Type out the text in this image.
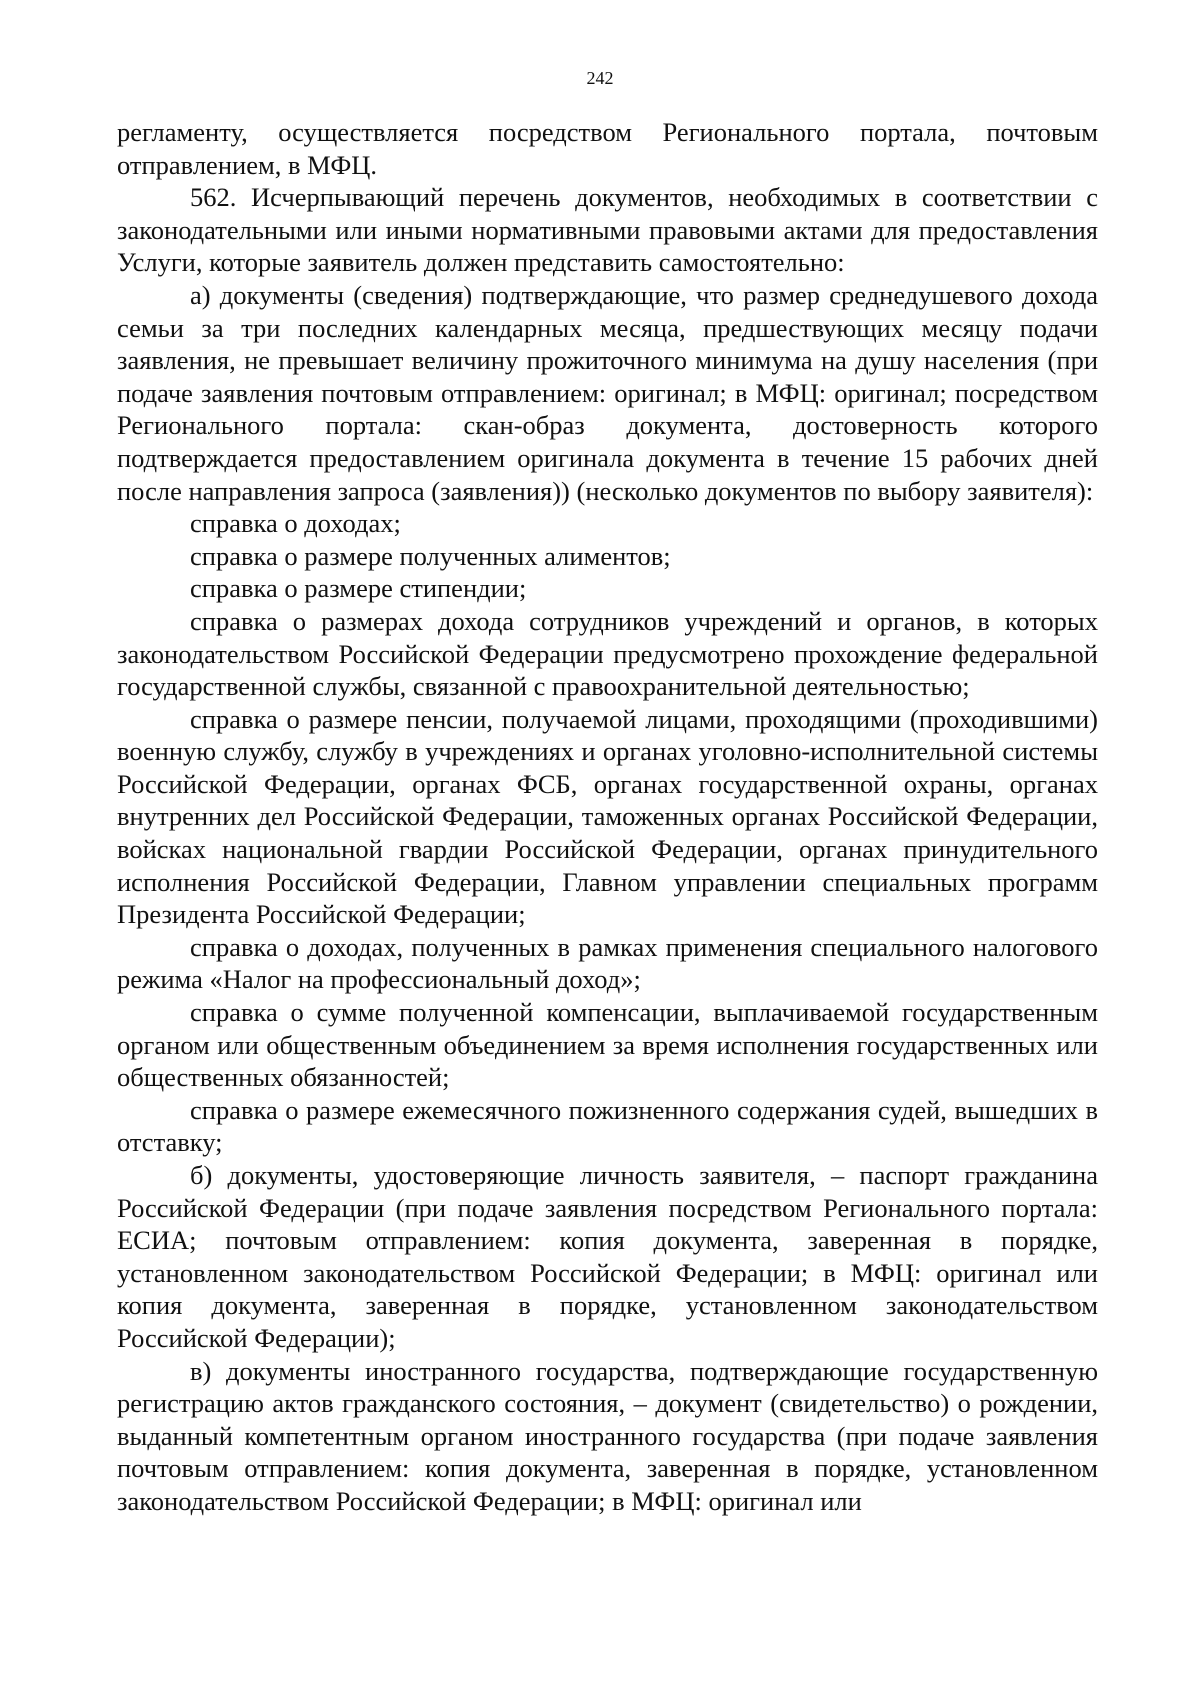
242

регламенту, осуществляется посредством Регионального портала, почтовым отправлением, в МФЦ.

562. Исчерпывающий перечень документов, необходимых в соответствии с законодательными или иными нормативными правовыми актами для предоставления Услуги, которые заявитель должен представить самостоятельно:

а) документы (сведения) подтверждающие, что размер среднедушевого дохода семьи за три последних календарных месяца, предшествующих месяцу подачи заявления, не превышает величину прожиточного минимума на душу населения (при подаче заявления почтовым отправлением: оригинал; в МФЦ: оригинал; посредством Регионального портала: скан-образ документа, достоверность которого подтверждается предоставлением оригинала документа в течение 15 рабочих дней после направления запроса (заявления)) (несколько документов по выбору заявителя):

справка о доходах;

справка о размере полученных алиментов;

справка о размере стипендии;

справка о размерах дохода сотрудников учреждений и органов, в которых законодательством Российской Федерации предусмотрено прохождение федеральной государственной службы, связанной с правоохранительной деятельностью;

справка о размере пенсии, получаемой лицами, проходящими (проходившими) военную службу, службу в учреждениях и органах уголовно-исполнительной системы Российской Федерации, органах ФСБ, органах государственной охраны, органах внутренних дел Российской Федерации, таможенных органах Российской Федерации, войсках национальной гвардии Российской Федерации, органах принудительного исполнения Российской Федерации, Главном управлении специальных программ Президента Российской Федерации;

справка о доходах, полученных в рамках применения специального налогового режима «Налог на профессиональный доход»;

справка о сумме полученной компенсации, выплачиваемой государственным органом или общественным объединением за время исполнения государственных или общественных обязанностей;

справка о размере ежемесячного пожизненного содержания судей, вышедших в отставку;

б) документы, удостоверяющие личность заявителя, – паспорт гражданина Российской Федерации (при подаче заявления посредством Регионального портала: ЕСИА; почтовым отправлением: копия документа, заверенная в порядке, установленном законодательством Российской Федерации; в МФЦ: оригинал или копия документа, заверенная в порядке, установленном законодательством Российской Федерации);

в) документы иностранного государства, подтверждающие государственную регистрацию актов гражданского состояния, – документ (свидетельство) о рождении, выданный компетентным органом иностранного государства (при подаче заявления почтовым отправлением: копия документа, заверенная в порядке, установленном законодательством Российской Федерации; в МФЦ: оригинал или
